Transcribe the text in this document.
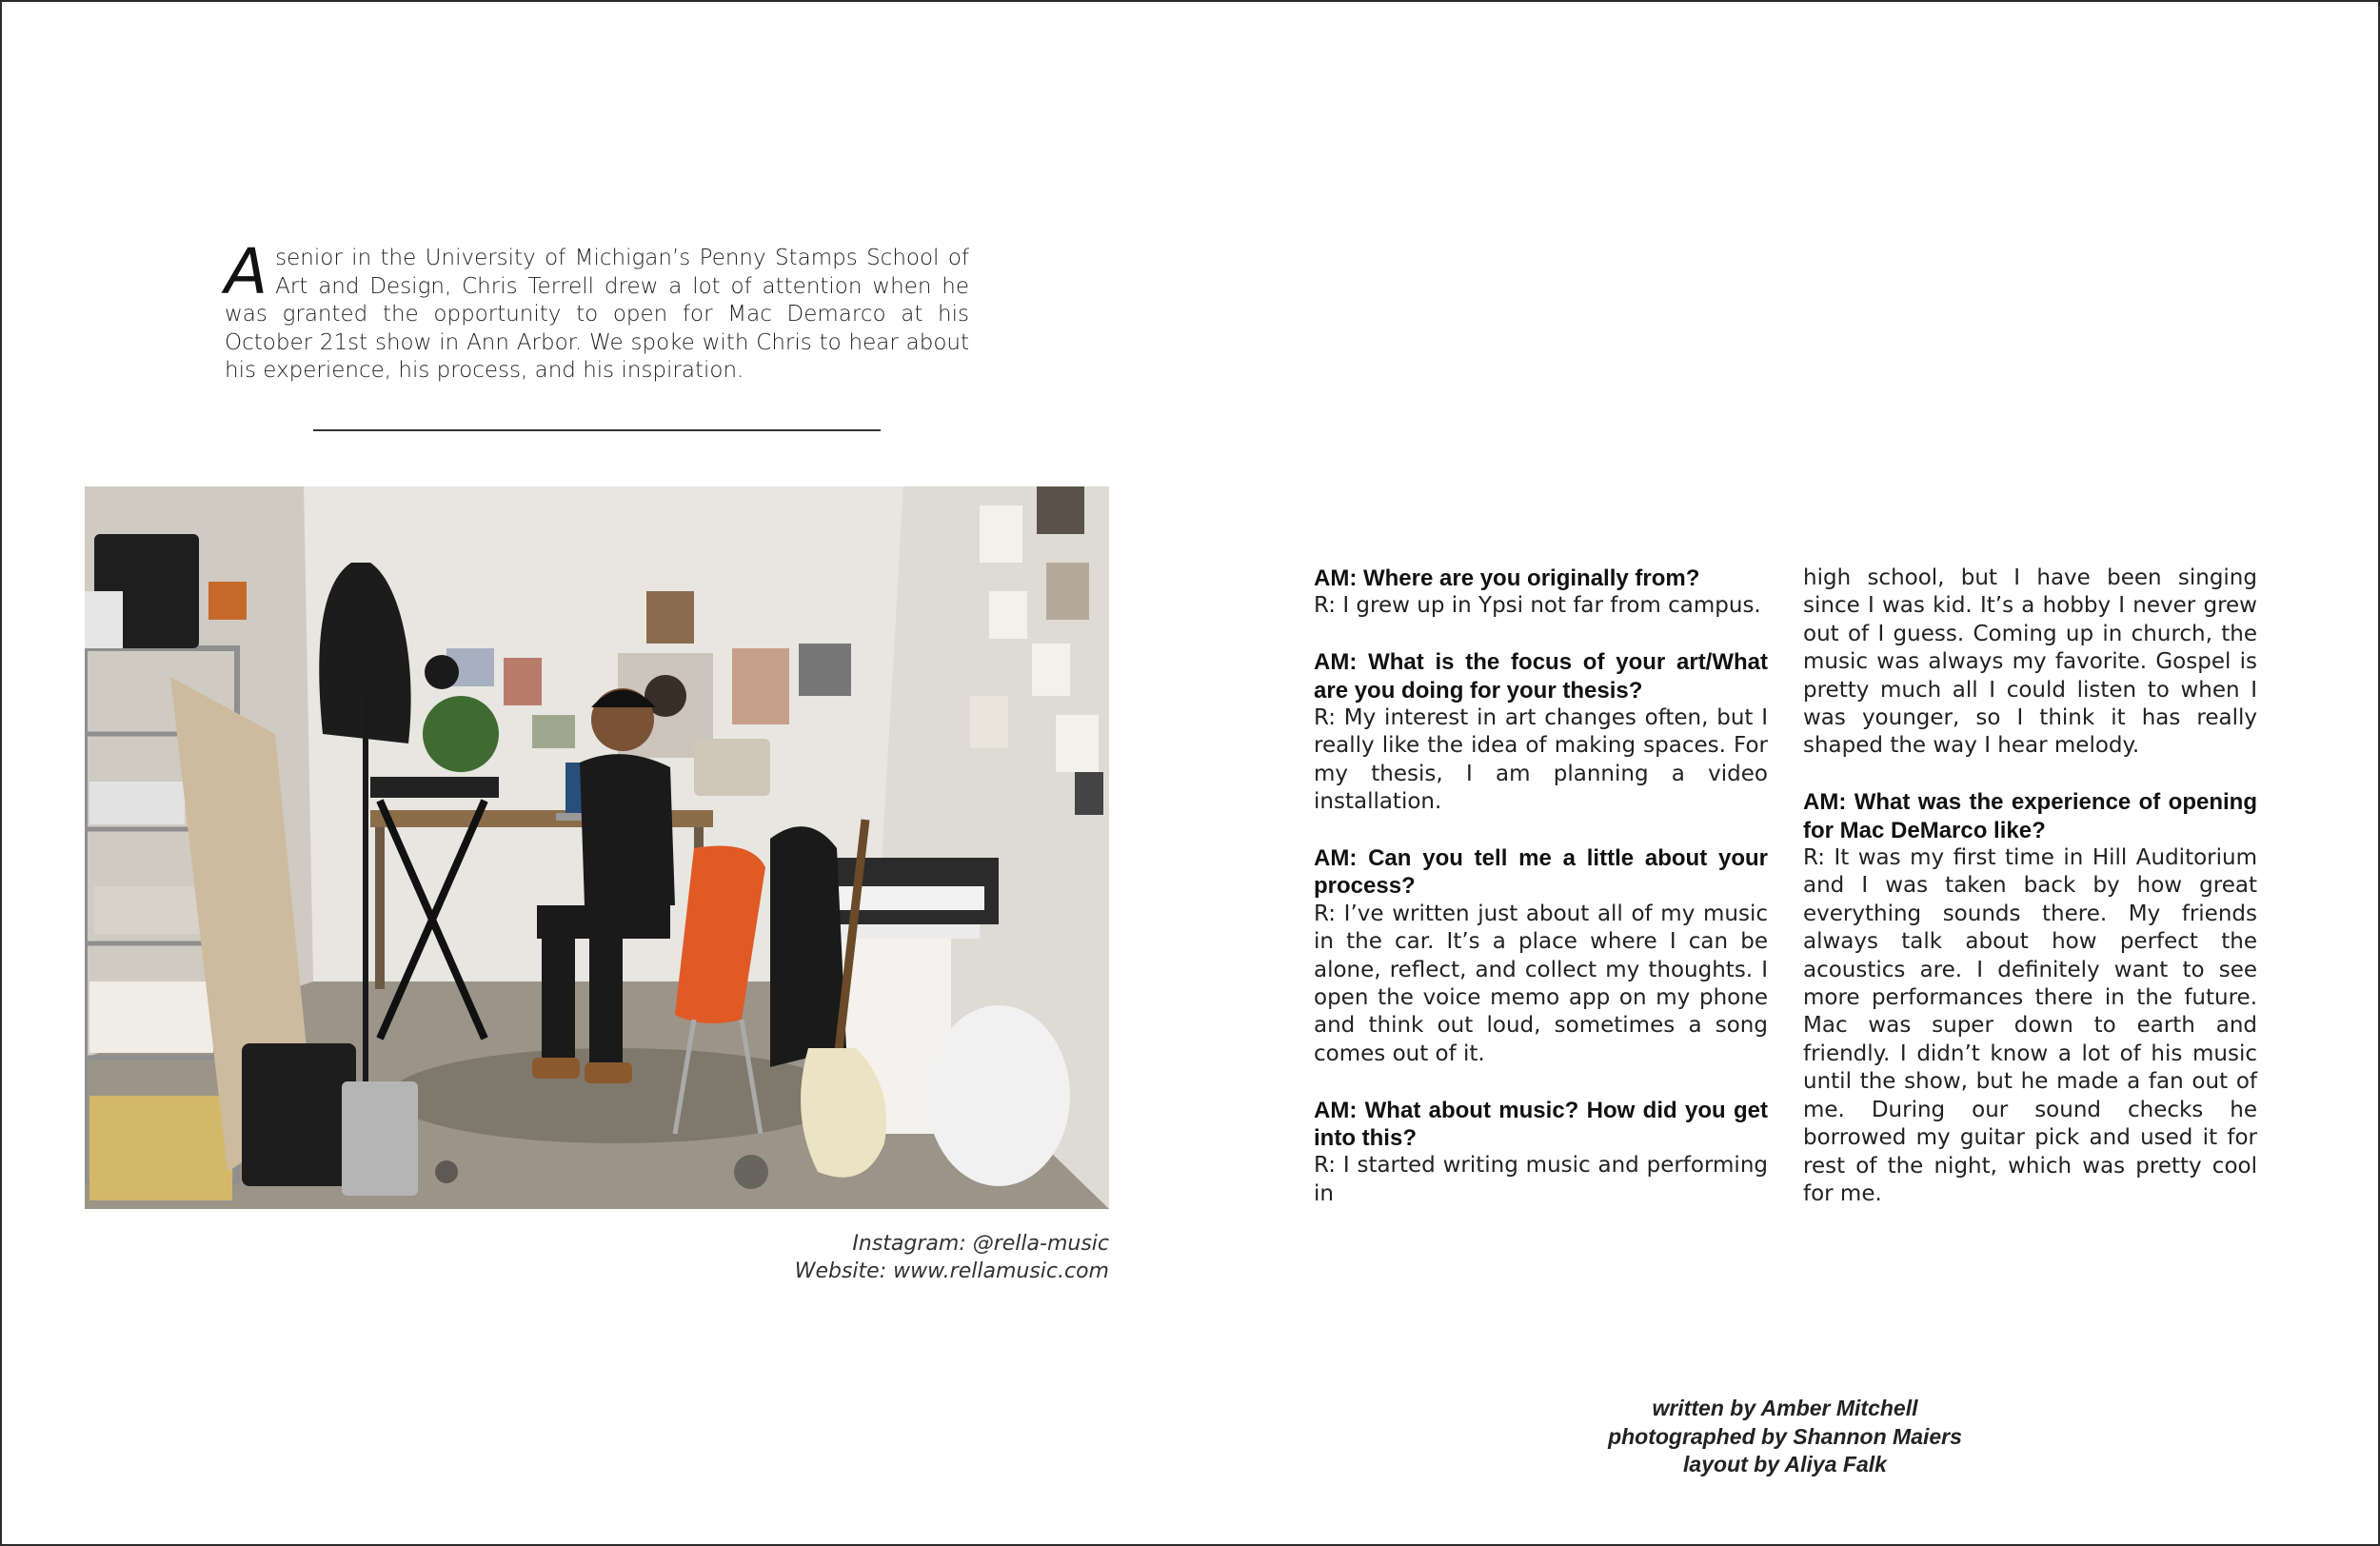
Asenior in the University of Michigan’s Penny Stamps School of Art and Design, Chris Terrell drew a lot of attention when he was granted the opportunity to open for Mac Demarco at his October 21st show in Ann Arbor. We spoke with Chris to hear about his experience, his process, and his inspiration.
Instagram: @rella-music
Website: www.rellamusic.com
AM: Where are you originally from?
R: I grew up in Ypsi not far from campus.
AM: What is the focus of your art/What are you doing for your thesis?
R: My interest in art changes often, but I really like the idea of making spaces. For my thesis, I am planning a video installation.
AM: Can you tell me a little about your process?
R: I’ve written just about all of my music in the car. It’s a place where I can be alone, reflect, and collect my thoughts. I open the voice memo app on my phone and think out loud, sometimes a song comes out of it.
AM: What about music? How did you get into this?
R: I started writing music and performing in
high school, but I have been singing since I was kid. It’s a hobby I never grew out of I guess. Coming up in church, the music was always my favorite. Gospel is pretty much all I could listen to when I was younger, so I think it has really shaped the way I hear melody.
AM: What was the experience of opening for Mac DeMarco like?
R: It was my first time in Hill Auditorium and I was taken back by how great everything sounds there. My friends always talk about how perfect the acoustics are. I definitely want to see more performances there in the future. Mac was super down to earth and friendly. I didn’t know a lot of his music until the show, but he made a fan out of me. During our sound checks he borrowed my guitar pick and used it for rest of the night, which was pretty cool for me.
written by Amber Mitchell
photographed by Shannon Maiers
layout by Aliya Falk
